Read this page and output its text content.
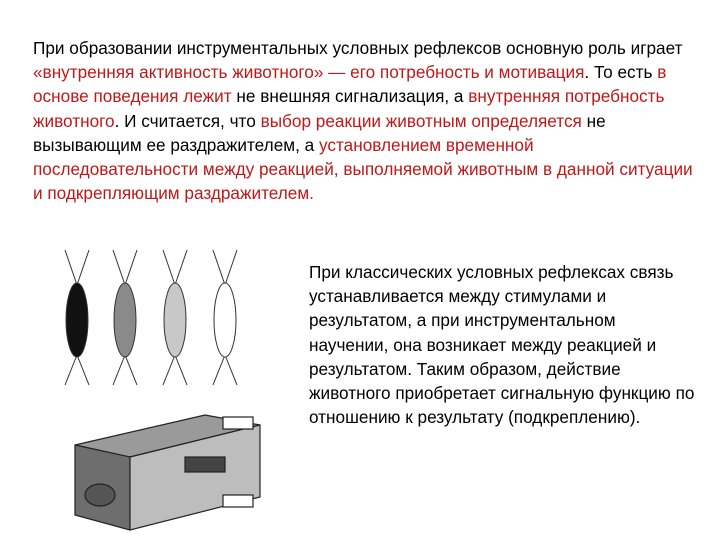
При образовании инструментальных условных рефлексов основную роль играет «внутренняя активность животного» — его потребность и мотивация. То есть в основе поведения лежит не внешняя сигнализация, а внутренняя потребность животного. И считается, что выбор реакции животным определяется не вызывающим ее раздражителем, а установлением временной последовательности между реакцией, выполняемой животным в данной ситуации и подкрепляющим раздражителем.

При классических условных рефлексах связь устанавливается между стимулами и результатом, а при инструментальном научении, она возникает между реакцией и результатом. Таким образом, действие животного приобретает сигнальную функцию по отношению к результату (подкреплению).
